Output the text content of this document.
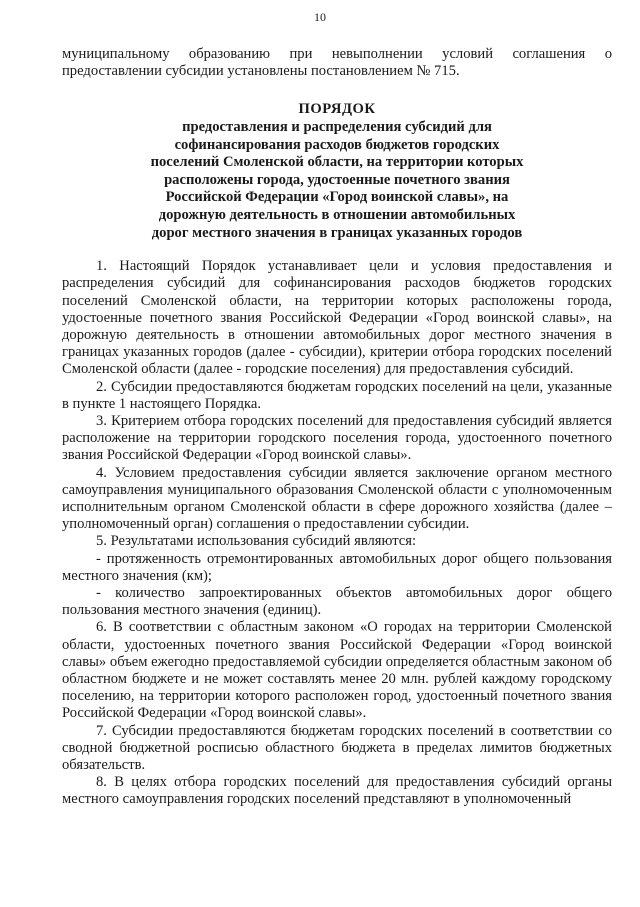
10

муниципальному образованию при невыполнении условий соглашения о предоставлении субсидии установлены постановлением № 715.

ПОРЯДОК
предоставления и распределения субсидий для
софинансирования расходов бюджетов городских
поселений Смоленской области, на территории которых
расположены города, удостоенные почетного звания
Российской Федерации «Город воинской славы», на
дорожную деятельность в отношении автомобильных
дорог местного значения в границах указанных городов

1. Настоящий Порядок устанавливает цели и условия предоставления и распределения субсидий для софинансирования расходов бюджетов городских поселений Смоленской области, на территории которых расположены города, удостоенные почетного звания Российской Федерации «Город воинской славы», на дорожную деятельность в отношении автомобильных дорог местного значения в границах указанных городов (далее - субсидии), критерии отбора городских поселений Смоленской области (далее - городские поселения) для предоставления субсидий.

2. Субсидии предоставляются бюджетам городских поселений на цели, указанные в пункте 1 настоящего Порядка.

3. Критерием отбора городских поселений для предоставления субсидий является расположение на территории городского поселения города, удостоенного почетного звания Российской Федерации «Город воинской славы».

4. Условием предоставления субсидии является заключение органом местного самоуправления муниципального образования Смоленской области с уполномоченным исполнительным органом Смоленской области в сфере дорожного хозяйства (далее – уполномоченный орган) соглашения о предоставлении субсидии.

5. Результатами использования субсидий являются:

- протяженность отремонтированных автомобильных дорог общего пользования местного значения (км);

- количество запроектированных объектов автомобильных дорог общего пользования местного значения (единиц).

6. В соответствии с областным законом «О городах на территории Смоленской области, удостоенных почетного звания Российской Федерации «Город воинской славы» объем ежегодно предоставляемой субсидии определяется областным законом об областном бюджете и не может составлять менее 20 млн. рублей каждому городскому поселению, на территории которого расположен город, удостоенный почетного звания Российской Федерации «Город воинской славы».

7. Субсидии предоставляются бюджетам городских поселений в соответствии со сводной бюджетной росписью областного бюджета в пределах лимитов бюджетных обязательств.

8. В целях отбора городских поселений для предоставления субсидий органы местного самоуправления городских поселений представляют в уполномоченный
